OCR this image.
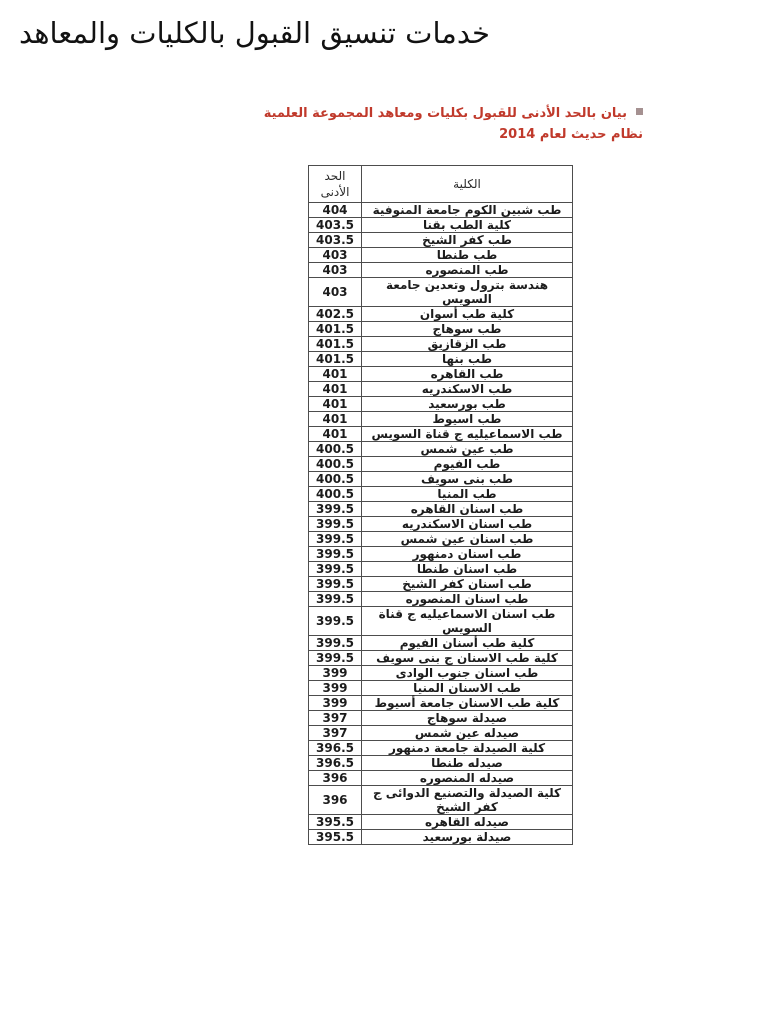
خدمات تنسيق القبول بالكليات والمعاهد
بيان بالحد الأدنى للقبول بكليات ومعاهد المجموعة العلمية
نظام حديث لعام 2014
الكلية	الحد الأدنى
طب شبين الكوم جامعة المنوفية	404
كلية الطب بقنا	403.5
طب كفر الشيخ	403.5
طب طنطا	403
طب المنصوره	403
هندسة بترول وتعدين جامعة السويس	403
كلية طب أسوان	402.5
طب سوهاج	401.5
طب الزقازيق	401.5
طب بنها	401.5
طب القاهره	401
طب الاسكندريه	401
طب بورسعيد	401
طب اسيوط	401
طب الاسماعيليه ج قناة السويس	401
طب عين شمس	400.5
طب الفيوم	400.5
طب بنى سويف	400.5
طب المنيا	400.5
طب اسنان القاهره	399.5
طب اسنان الاسكندريه	399.5
طب اسنان عين شمس	399.5
طب اسنان دمنهور	399.5
طب اسنان طنطا	399.5
طب اسنان كفر الشيخ	399.5
طب اسنان المنصوره	399.5
طب اسنان الاسماعيليه ج قناة السويس	399.5
كلية طب أسنان الفيوم	399.5
كلية طب الاسنان ج بنى سويف	399.5
طب اسنان جنوب الوادى	399
طب الاسنان المنيا	399
كلية طب الاسنان جامعة أسيوط	399
صيدلة سوهاج	397
صيدله عين شمس	397
كلية الصيدلة جامعة دمنهور	396.5
صيدله طنطا	396.5
صيدله المنصوره	396
كلية الصيدلة والتصنيع الدوائى ج كفر الشيخ	396
صيدله القاهره	395.5
صيدلة بورسعيد	395.5
